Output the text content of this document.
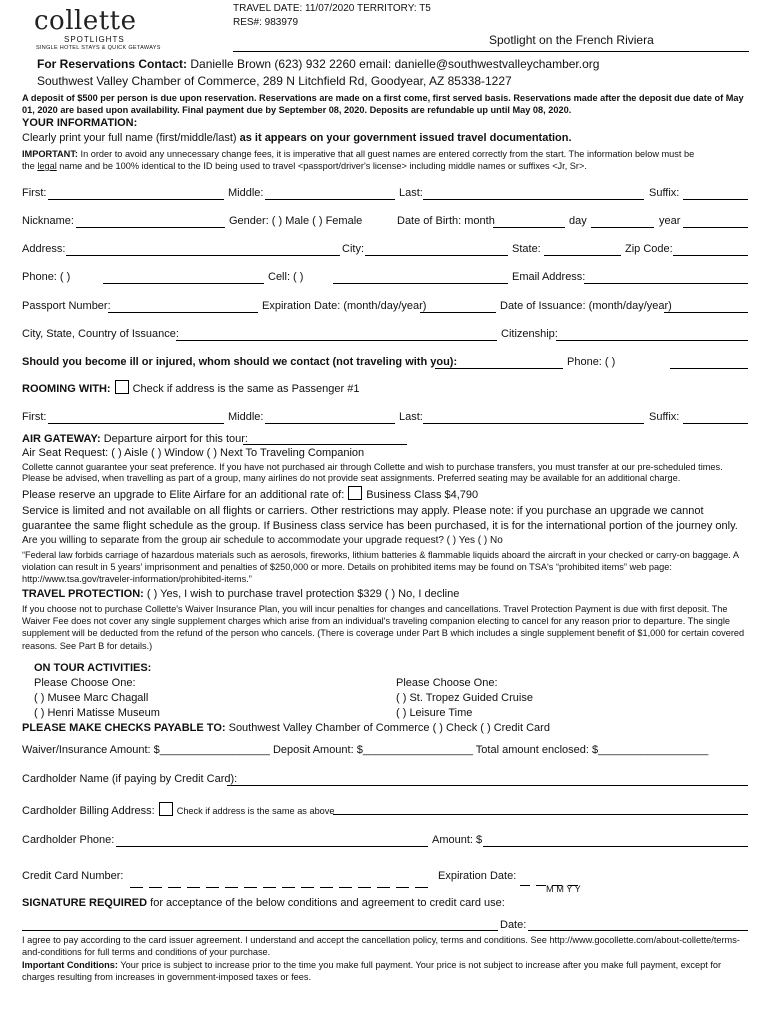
collette
SPOTLIGHTS
SINGLE HOTEL STAYS & QUICK GETAWAYS
TRAVEL DATE: 11/07/2020 TERRITORY: T5
RES#: 983979
Spotlight on the French Riviera
For Reservations Contact: Danielle Brown (623) 932 2260 email: danielle@southwestvalleychamber.org
Southwest Valley Chamber of Commerce, 289 N Litchfield Rd, Goodyear, AZ 85338-1227
A deposit of $500 per person is due upon reservation. Reservations are made on a first come, first served basis. Reservations made after the deposit due date of May 01, 2020 are based upon availability. Final payment due by September 08, 2020. Deposits are refundable up until May 08, 2020.
YOUR INFORMATION:
Clearly print your full name (first/middle/last) as it appears on your government issued travel documentation.
IMPORTANT: In order to avoid any unnecessary change fees, it is imperative that all guest names are entered correctly from the start. The information below must be
the legal name and be 100% identical to the ID being used to travel <passport/driver's license> including middle names or suffixes <Jr, Sr>.
First:	Middle:	Last:	Suffix:
Nickname:	Gender: ( ) Male ( ) Female	Date of Birth: month	day	year
Address:	City:	State:	Zip Code:
Phone: ( )	Cell: ( )	Email Address:
Passport Number:	Expiration Date: (month/day/year)	Date of Issuance: (month/day/year)
City, State, Country of Issuance:	Citizenship:
Should you become ill or injured, whom should we contact (not traveling with you):	Phone: ( )
ROOMING WITH: Check if address is the same as Passenger #1
First:	Middle:	Last:	Suffix:
AIR GATEWAY: Departure airport for this tour:
Air Seat Request: ( ) Aisle ( ) Window ( ) Next To Traveling Companion
Collette cannot guarantee your seat preference. If you have not purchased air through Collette and wish to purchase transfers, you must transfer at our pre-scheduled times.
Please be advised, when travelling as part of a group, many airlines do not provide seat assignments. Preferred seating may be available for an additional charge.
Please reserve an upgrade to Elite Airfare for an additional rate of: Business Class $4,790
Service is limited and not available on all flights or carriers. Other restrictions may apply. Please note: if you purchase an upgrade we cannot guarantee the same flight schedule as the group. If Business class service has been purchased, it is for the international portion of the journey only.
Are you willing to separate from the group air schedule to accommodate your upgrade request? ( ) Yes ( ) No
“Federal law forbids carriage of hazardous materials such as aerosols, fireworks, lithium batteries & flammable liquids aboard the aircraft in your checked or carry-on baggage. A violation can result in 5 years' imprisonment and penalties of $250,000 or more. Details on prohibited items may be found on TSA's “prohibited items” web page: http://www.tsa.gov/traveler-information/prohibited-items.”
TRAVEL PROTECTION: ( ) Yes, I wish to purchase travel protection $329 ( ) No, I decline
If you choose not to purchase Collette's Waiver Insurance Plan, you will incur penalties for changes and cancellations. Travel Protection Payment is due with first deposit. The Waiver Fee does not cover any single supplement charges which arise from an individual's traveling companion electing to cancel for any reason prior to departure. The single supplement will be deducted from the refund of the person who cancels. (There is coverage under Part B which includes a single supplement benefit of $1,000 for certain covered reasons. See Part B for details.)
ON TOUR ACTIVITIES:
Please Choose One:
( ) Musee Marc Chagall
( ) Henri Matisse Museum
Please Choose One:
( ) St. Tropez Guided Cruise
( ) Leisure Time
PLEASE MAKE CHECKS PAYABLE TO: Southwest Valley Chamber of Commerce ( ) Check ( ) Credit Card
Waiver/Insurance Amount: $__________________ Deposit Amount: $__________________ Total amount enclosed: $__________________
Cardholder Name (if paying by Credit Card):
Cardholder Billing Address: Check if address is the same as above
Cardholder Phone:	Amount: $
Credit Card Number:	Expiration Date:
M M Y Y
SIGNATURE REQUIRED for acceptance of the below conditions and agreement to credit card use:
Date:
I agree to pay according to the card issuer agreement. I understand and accept the cancellation policy, terms and conditions. See http://www.gocollette.com/about-collette/terms-and-conditions for full terms and conditions of your purchase.
Important Conditions: Your price is subject to increase prior to the time you make full payment. Your price is not subject to increase after you make full payment, except for charges resulting from increases in government-imposed taxes or fees.
